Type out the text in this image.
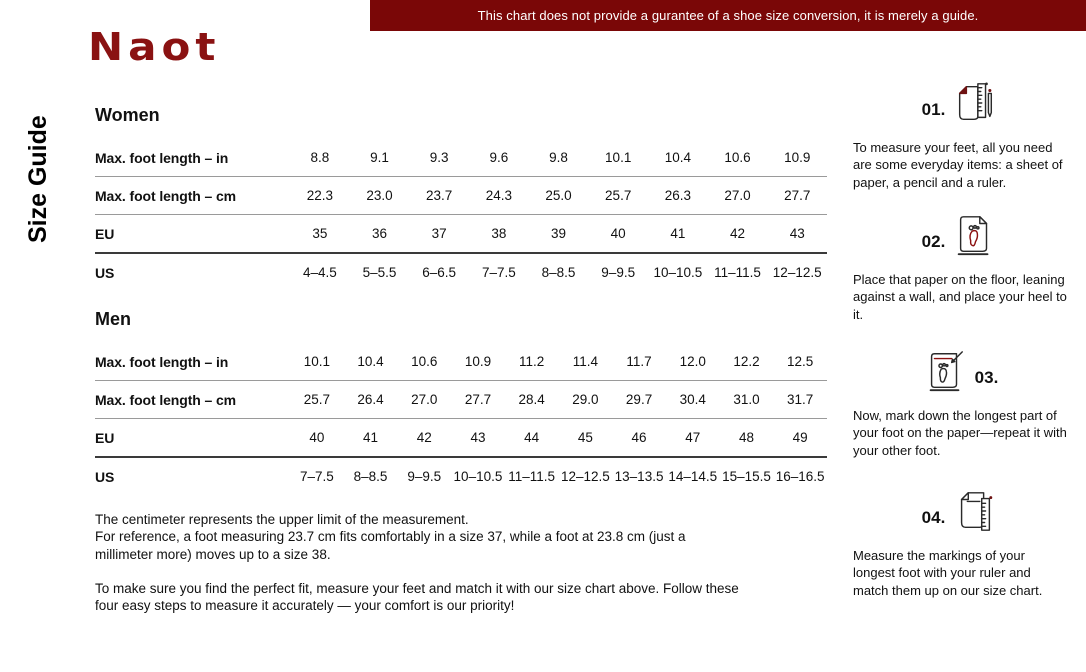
This chart does not provide a gurantee of a shoe size conversion, it is merely a guide.
Naot
Size Guide
Women
Max. foot length – in	8.8	9.1	9.3	9.6	9.8	10.1	10.4	10.6	10.9
Max. foot length – cm	22.3	23.0	23.7	24.3	25.0	25.7	26.3	27.0	27.7
EU	35	36	37	38	39	40	41	42	43
US	4–4.5	5–5.5	6–6.5	7–7.5	8–8.5	9–9.5	10–10.5 11–11.5 12–12.5
Men
Max. foot length – in	10.1	10.4	10.6	10.9	11.2	11.4	11.7	12.0	12.2	12.5
Max. foot length – cm	25.7	26.4	27.0	27.7	28.4	29.0	29.7	30.4	31.0	31.7
EU	40	41	42	43	44	45	46	47	48	49
US	7–7.5	8–8.5	9–9.5 10–10.5 11–11.5 12–12.5 13–13.5 14–14.5 15–15.5 16–16.5

The centimeter represents the upper limit of the measurement.

For reference, a foot measuring 23.7 cm fits comfortably in a size 37, while a foot at 23.8 cm (just a millimeter more) moves up to a size 38.

To make sure you find the perfect fit, measure your feet and match it with our size chart above. Follow these four easy steps to measure it accurately — your comfort is our priority!

01.

To measure your feet, all you need are some everyday items: a sheet of paper, a pencil and a ruler.

02.

Place that paper on the floor, leaning against a wall, and place your heel to it.

03.

Now, mark down the longest part of your foot on the paper—repeat it with your other foot.

04.

Measure the markings of your longest foot with your ruler and match them up on our size chart.
